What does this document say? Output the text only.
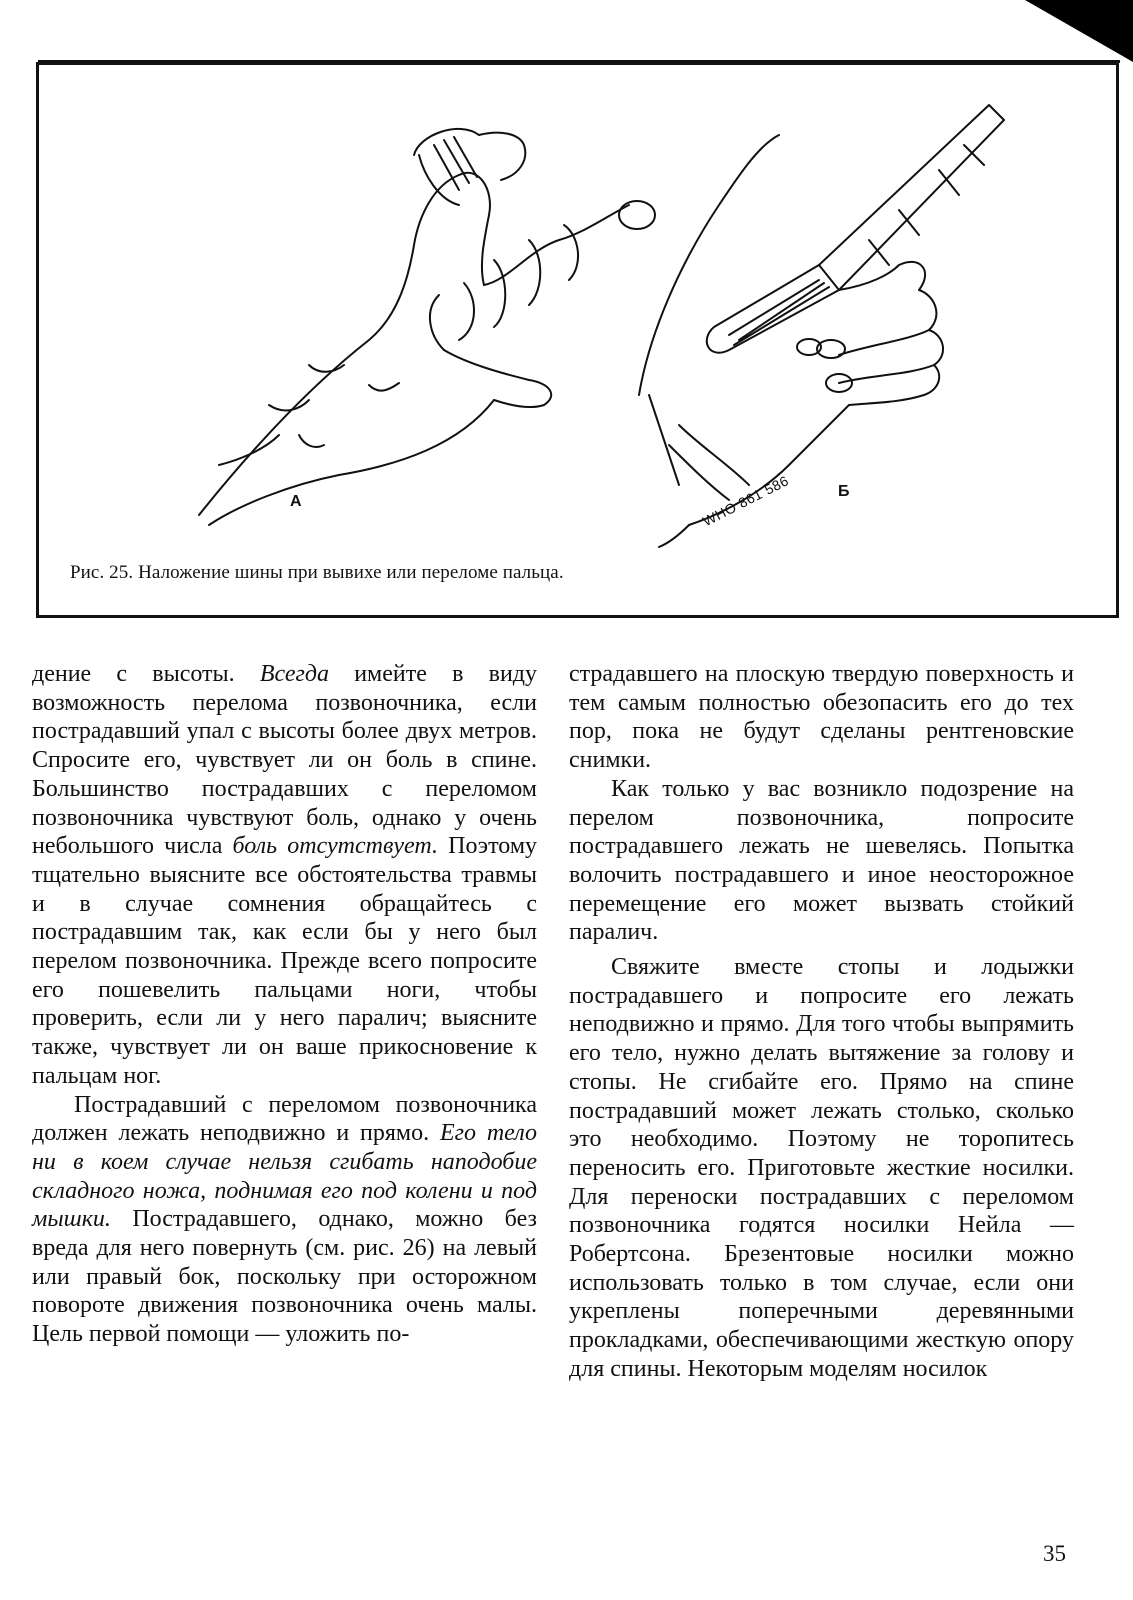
А
Б
WHO 861 586
Рис. 25. Наложение шины при вывихе или переломе пальца.

дение с высоты. Всегда имейте в виду возможность перелома позвоночника, если пострадавший упал с высоты более двух метров. Спросите его, чувствует ли он боль в спине. Большинство пострадавших с переломом позвоночника чувствуют боль, однако у очень небольшого числа боль отсутствует. Поэтому тщательно выясните все обстоятельства травмы и в случае сомнения обращайтесь с пострадавшим так, как если бы у него был перелом позвоночника. Прежде всего попросите его пошевелить пальцами ноги, чтобы проверить, если ли у него паралич; выясните также, чувствует ли он ваше прикосновение к пальцам ног.

Пострадавший с переломом позвоночника должен лежать неподвижно и прямо. Его тело ни в коем случае нельзя сгибать наподобие складного ножа, поднимая его под колени и под мышки. Пострадавшего, однако, можно без вреда для него повернуть (см. рис. 26) на левый или правый бок, поскольку при осторожном повороте движения позвоночника очень малы. Цель первой помощи — уложить по-

страдавшего на плоскую твердую поверхность и тем самым полностью обезопасить его до тех пор, пока не будут сделаны рентгеновские снимки.

Как только у вас возникло подозрение на перелом позвоночника, попросите пострадавшего лежать не шевелясь. Попытка волочить пострадавшего и иное неосторожное перемещение его может вызвать стойкий паралич.

Свяжите вместе стопы и лодыжки пострадавшего и попросите его лежать неподвижно и прямо. Для того чтобы выпрямить его тело, нужно делать вытяжение за голову и стопы. Не сгибайте его. Прямо на спине пострадавший может лежать столько, сколько это необходимо. Поэтому не торопитесь переносить его. Приготовьте жесткие носилки. Для переноски пострадавших с переломом позвоночника годятся носилки Нейла — Робертсона. Брезентовые носилки можно использовать только в том случае, если они укреплены поперечными деревянными прокладками, обеспечивающими жесткую опору для спины. Некоторым моделям носилок

35
